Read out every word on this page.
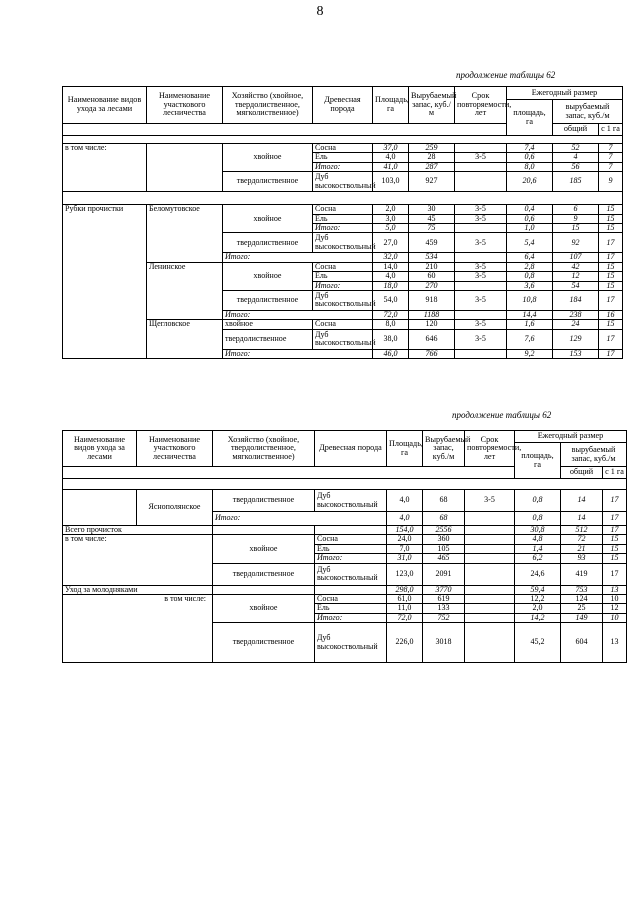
8
продолжение таблицы 62
Наименование видов ухода за лесами	Наименование участкового лесничества	Хозяйство (хвойное, твердолиственное, мягколиственное)	Древесная порода	Площадь, га	Вырубаемый запас, куб./м	Срок повторяемости, лет	Ежегодный размер		
							площадь, га	вырубаемый запас, куб./м	
								общий	с 1 га

в том числе:		хвойное	Сосна	37,0	259		7,4	52	7
			Ель	4,0	28	3-5	0,6	4	7
			Итого:	41,0	287		8,0	56	7
		твердолиственное	Дуб высокоствольный	103,0	927		20,6	185	9

Рубки прочистки	Беломутовское	хвойное	Сосна	2,0	30	3-5	0,4	6	15
			Ель	3,0	45	3-5	0,6	9	15
			Итого:	5,0	75		1,0	15	15
		твердолиственное	Дуб высокоствольный	27,0	459	3-5	5,4	92	17
		Итого:		32,0	534		6,4	107	17
	Ленинское	хвойное	Сосна	14,0	210	3-5	2,8	42	15
			Ель	4,0	60	3-5	0,8	12	15
			Итого:	18,0	270		3,6	54	15
		твердолиственное	Дуб высокоствольный	54,0	918	3-5	10,8	184	17
		Итого:		72,0	1188		14,4	238	16
	Щегловское	хвойное	Сосна	8,0	120	3-5	1,6	24	15
		твердолиственное	Дуб высокоствольный	38,0	646	3-5	7,6	129	17
		Итого:		46,0	766		9,2	153	17
продолжение таблицы 62
Наименование видов ухода за лесами	Наименование участкового лесничества	Хозяйство (хвойное, твердолиственное, мягколиственное)	Древесная порода	Площадь, га	Вырубаемый запас, куб./м	Срок повторяемости, лет	Ежегодный размер		
							площадь, га	вырубаемый запас, куб./м	
								общий	с 1 га

	Яснополянское	твердолиственное	Дуб высокоствольный	4,0	68	3-5	0,8	14	17
		Итого:		4,0	68		0,8	14	17
Всего прочисток				154,0	2556		30,8	512	17
в том числе:		хвойное	Сосна	24,0	360		4,8	72	15
			Ель	7,0	105		1,4	21	15
			Итого:	31,0	465		6,2	93	15
		твердолиственное	Дуб высокоствольный	123,0	2091		24,6	419	17
Уход за молодняками				298,0	3770		59,4	753	13
в том числе:		хвойное	Сосна	61,0	619		12,2	124	10
			Ель	11,0	133		2,0	25	12
			Итого:	72,0	752		14,2	149	10
		твердолиственное	Дуб высокоствольный	226,0	3018		45,2	604	13
